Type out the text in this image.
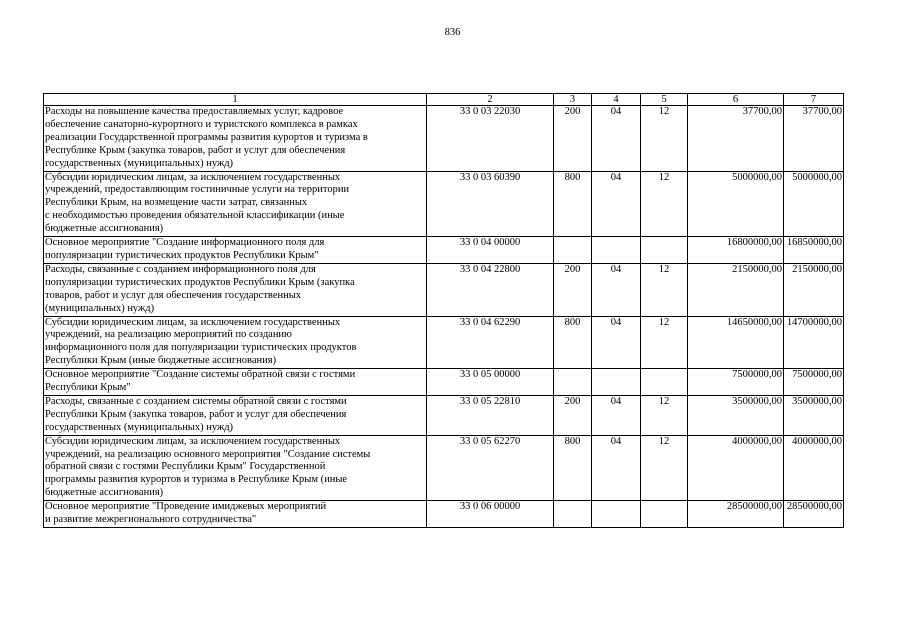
836
1	2	3	4	5	6	7

Расходы на повышение качества предоставляемых услуг, кадровое
обеспечение санаторно-курортного и туристского комплекса в рамках
реализации Государственной программы развития курортов и туризма в
Республике Крым (закупка товаров, работ и услуг для обеспечения
государственных (муниципальных) нужд)	33 0 03 22030	200	04	12	37700,00	37700,00

Субсидии юридическим лицам, за исключением государственных
учреждений, предоставляющим гостиничные услуги на территории
Республики Крым, на возмещение части затрат, связанных
с необходимостью проведения обязательной классификации (иные
бюджетные ассигнования)	33 0 03 60390	800	04	12	5000000,00	5000000,00

Основное мероприятие "Создание информационного поля для
популяризации туристических продуктов Республики Крым"	33 0 04 00000				16800000,00	16850000,00

Расходы, связанные с созданием информационного поля для
популяризации туристических продуктов Республики Крым (закупка
товаров, работ и услуг для обеспечения государственных
(муниципальных) нужд)	33 0 04 22800	200	04	12	2150000,00	2150000,00

Субсидии юридическим лицам, за исключением государственных
учреждений, на реализацию мероприятий по созданию
информационного поля для популяризации туристических продуктов
Республики Крым (иные бюджетные ассигнования)	33 0 04 62290	800	04	12	14650000,00	14700000,00

Основное мероприятие "Создание системы обратной связи с гостями
Республики Крым"	33 0 05 00000				7500000,00	7500000,00

Расходы, связанные с созданием системы обратной связи с гостями
Республики Крым (закупка товаров, работ и услуг для обеспечения
государственных (муниципальных) нужд)	33 0 05 22810	200	04	12	3500000,00	3500000,00

Субсидии юридическим лицам, за исключением государственных
учреждений, на реализацию основного мероприятия "Создание системы
обратной связи с гостями Республики Крым" Государственной
программы развития курортов и туризма в Республике Крым (иные
бюджетные ассигнования)	33 0 05 62270	800	04	12	4000000,00	4000000,00

Основное мероприятие "Проведение имиджевых мероприятий
и развитие межрегионального сотрудничества"	33 0 06 00000				28500000,00	28500000,00
